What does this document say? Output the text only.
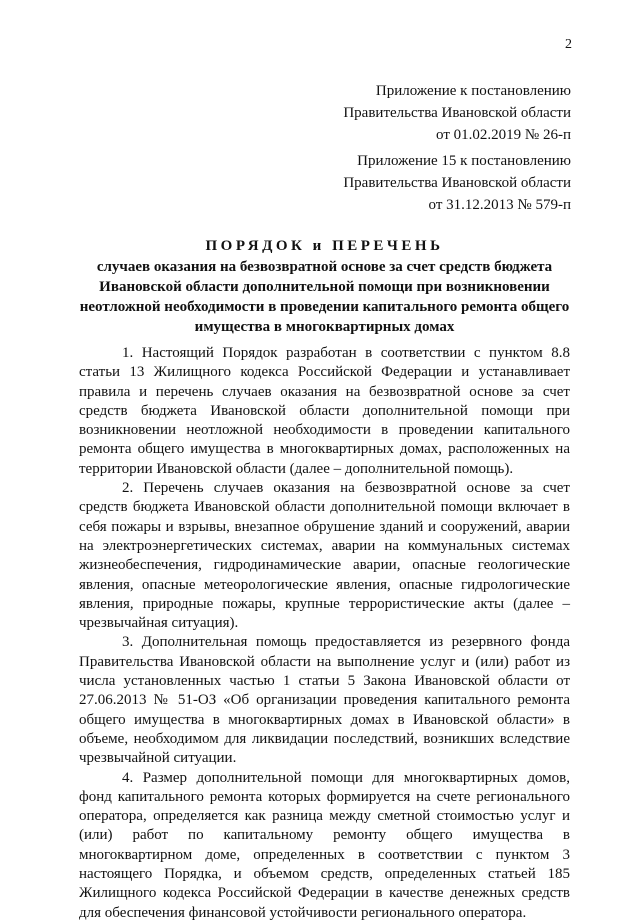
2
Приложение к постановлению
Правительства Ивановской области
от 01.02.2019 № 26-п
Приложение 15 к постановлению
Правительства Ивановской области
от 31.12.2013 № 579-п
ПОРЯДОК и ПЕРЕЧЕНЬ
случаев оказания на безвозвратной основе за счет средств бюджета Ивановской области дополнительной помощи при возникновении неотложной необходимости в проведении капитального ремонта общего имущества в многоквартирных домах

1. Настоящий Порядок разработан в соответствии с пунктом 8.8 статьи 13 Жилищного кодекса Российской Федерации и устанавливает правила и перечень случаев оказания на безвозвратной основе за счет средств бюджета Ивановской области дополнительной помощи при возникновении неотложной необходимости в проведении капитального ремонта общего имущества в многоквартирных домах, расположенных на территории Ивановской области (далее – дополнительной помощь).

2. Перечень случаев оказания на безвозвратной основе за счет средств бюджета Ивановской области дополнительной помощи включает в себя пожары и взрывы, внезапное обрушение зданий и сооружений, аварии на электроэнергетических системах, аварии на коммунальных системах жизнеобеспечения, гидродинамические аварии, опасные геологические явления, опасные метеорологические явления, опасные гидрологические явления, природные пожары, крупные террористические акты (далее – чрезвычайная ситуация).

3. Дополнительная помощь предоставляется из резервного фонда Правительства Ивановской области на выполнение услуг и (или) работ из числа установленных частью 1 статьи 5 Закона Ивановской области от 27.06.2013 № 51-ОЗ «Об организации проведения капитального ремонта общего имущества в многоквартирных домах в Ивановской области» в объеме, необходимом для ликвидации последствий, возникших вследствие чрезвычайной ситуации.

4. Размер дополнительной помощи для многоквартирных домов, фонд капитального ремонта которых формируется на счете регионального оператора, определяется как разница между сметной стоимостью услуг и (или) работ по капитальному ремонту общего имущества в многоквартирном доме, определенных в соответствии с пунктом 3 настоящего Порядка, и объемом средств, определенных статьей 185 Жилищного кодекса Российской Федерации в качестве денежных средств для обеспечения финансовой устойчивости регионального оператора.
